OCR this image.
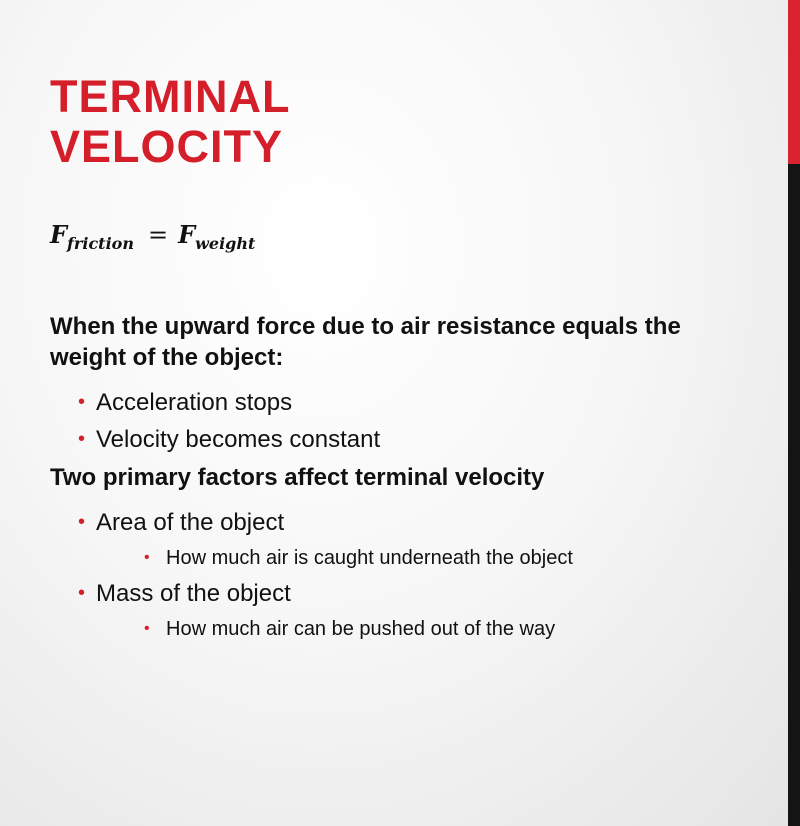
TERMINAL
VELOCITY
$F_{friction} = F_{weight}$

When the upward force due to air resistance equals the weight of the object:

• Acceleration stops
• Velocity becomes constant
Two primary factors affect terminal velocity
• Area of the object
• How much air is caught underneath the object
• Mass of the object
• How much air can be pushed out of the way
